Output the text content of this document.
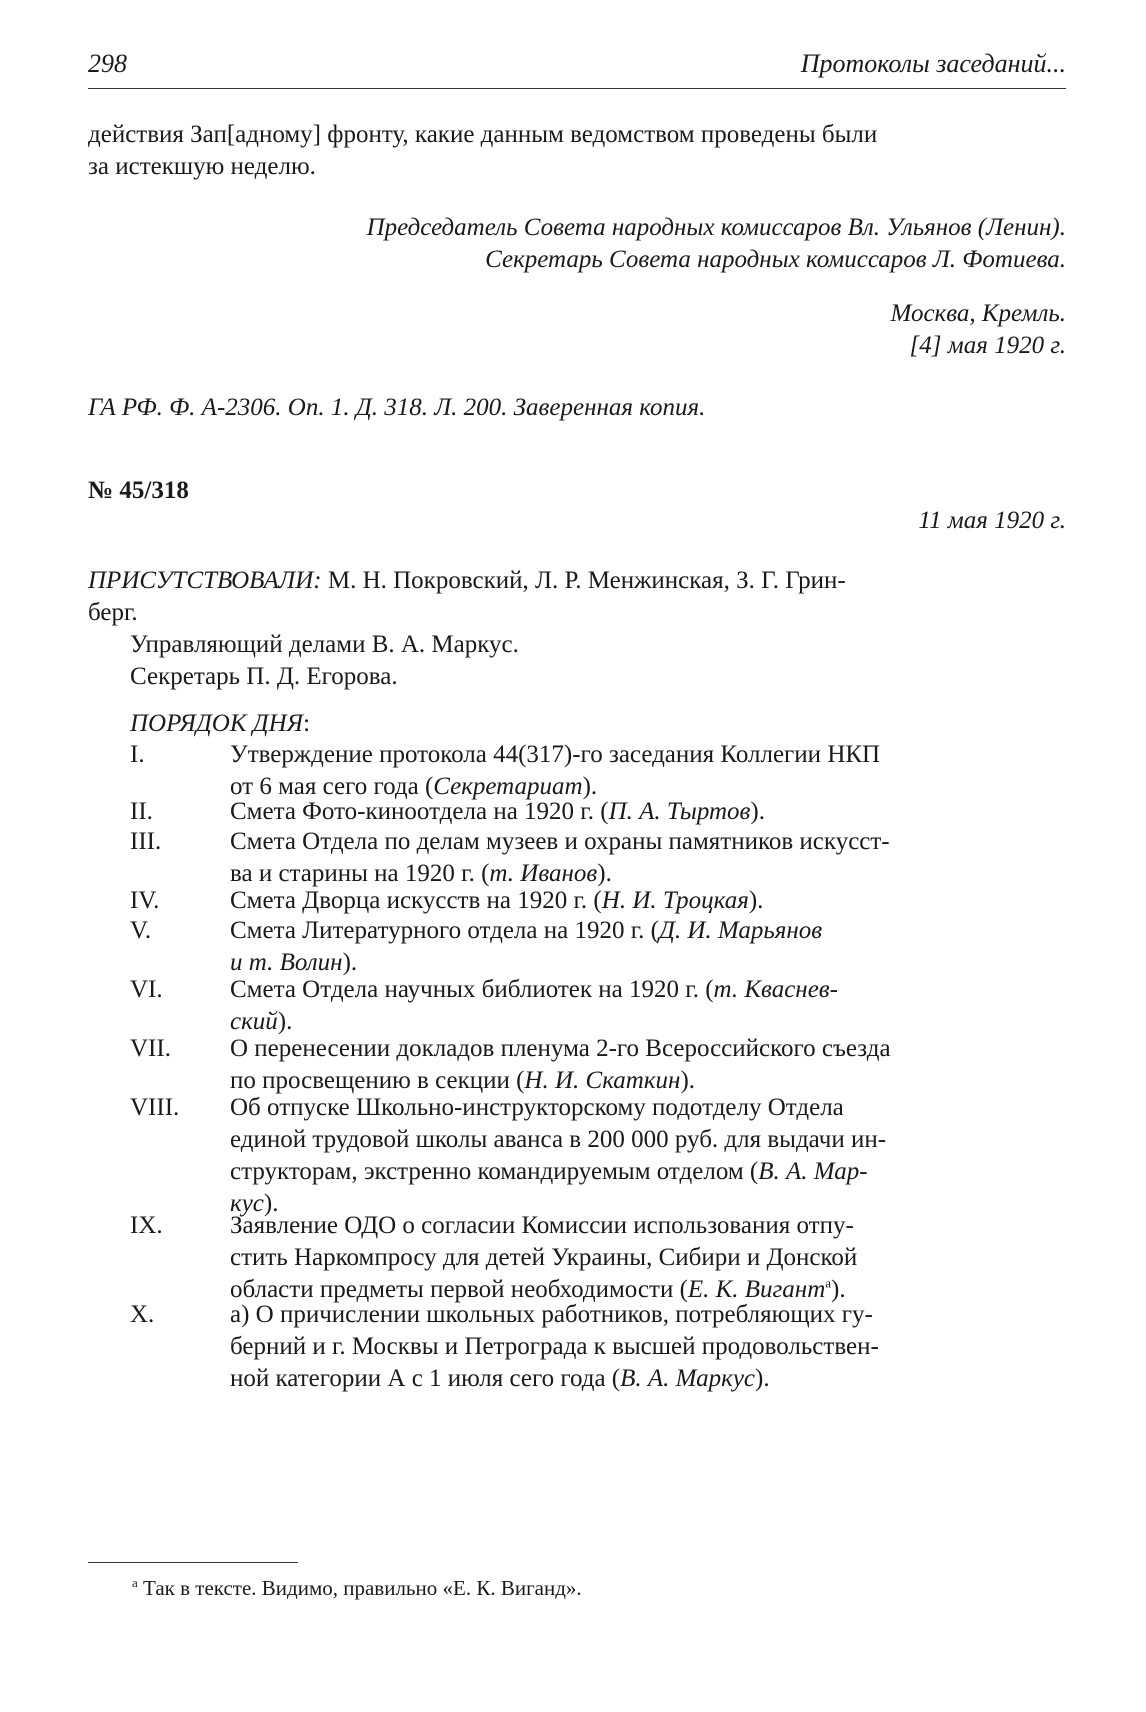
298	Протоколы заседаний...

действия Зап[адному] фронту, какие данным ведомством проведены были

за истекшую неделю.

Председатель Совета народных комиссаров Вл. Ульянов (Ленин).

Секретарь Совета народных комиссаров Л. Фотиева.

Москва, Кремль.

[4] мая 1920 г.

ГА РФ. Ф. А-2306. Оп. 1. Д. 318. Л. 200. Заверенная копия.
№ 45/318
11 мая 1920 г.

ПРИСУТСТВОВАЛИ: М. Н. Покровский, Л. Р. Менжинская, З. Г. Грин-

берг.

Управляющий делами В. А. Маркус.

Секретарь П. Д. Егорова.

ПОРЯДОК ДНЯ:
I.	Утверждение протокола 44(317)-го заседания Коллегии НКП

от 6 мая сего года (Секретариат).

II.	Смета Фото-киноотдела на 1920 г. (П. А. Тыртов).

III.	Смета Отдела по делам музеев и охраны памятников искусст-

ва и старины на 1920 г. (т. Иванов).

IV.	Смета Дворца искусств на 1920 г. (Н. И. Троцкая).

V.	Смета Литературного отдела на 1920 г. (Д. И. Марьянов

и т. Волин).

VI.	Смета Отдела научных библиотек на 1920 г. (т. Кваснев-

ский).

VII.	О перенесении докладов пленума 2-го Всероссийского съезда

по просвещению в секции (Н. И. Скаткин).

VIII.	Об отпуске Школьно-инструкторскому подотделу Отдела

единой трудовой школы аванса в 200 000 руб. для выдачи ин-

структорам, экстренно командируемым отделом (В. А. Мар-

кус).

IX.	Заявление ОДО о согласии Комиссии использования отпу-

стить Наркомпросу для детей Украины, Сибири и Донской

области предметы первой необходимости (Е. К. Вигант$^а$).

X.	а) О причислении школьных работников, потребляющих гу-

берний и г. Москвы и Петрограда к высшей продовольствен-

ной категории А с 1 июля сего года (В. А. Маркус).

$^а$ Так в тексте. Видимо, правильно «Е. К. Виганд».
